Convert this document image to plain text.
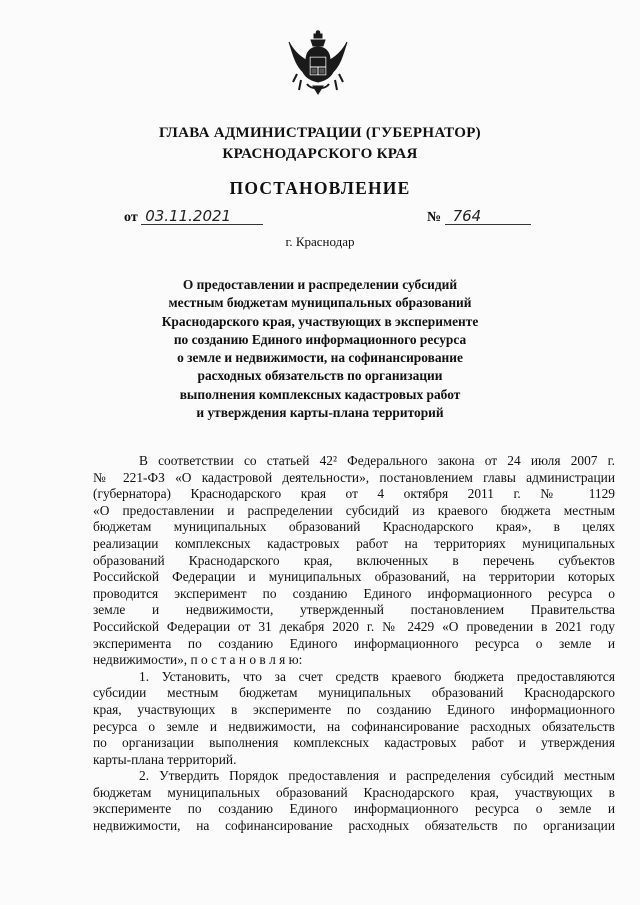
ГЛАВА АДМИНИСТРАЦИИ (ГУБЕРНАТОР)
КРАСНОДАРСКОГО КРАЯ
ПОСТАНОВЛЕНИЕ
от 03.11.2021	№ 764
г. Краснодар
О предоставлении и распределении субсидий
местным бюджетам муниципальных образований
Краснодарского края, участвующих в эксперименте
по созданию Единого информационного ресурса
о земле и недвижимости, на софинансирование
расходных обязательств по организации
выполнения комплексных кадастровых работ
и утверждения карты-плана территорий
В соответствии со статьей 42² Федерального закона от 24 июля 2007 г.
№ 221-ФЗ «О кадастровой деятельности», постановлением главы администрации
(губернатора) Краснодарского края от 4 октября 2011 г. № 1129
«О предоставлении и распределении субсидий из краевого бюджета местным
бюджетам муниципальных образований Краснодарского края», в целях
реализации комплексных кадастровых работ на территориях муниципальных
образований Краснодарского края, включенных в перечень субъектов
Российской Федерации и муниципальных образований, на территории которых
проводится эксперимент по созданию Единого информационного ресурса о
земле и недвижимости, утвержденный постановлением Правительства
Российской Федерации от 31 декабря 2020 г. № 2429 «О проведении в 2021 году
эксперимента по созданию Единого информационного ресурса о земле и
недвижимости», п о с т а н о в л я ю:
1. Установить, что за счет средств краевого бюджета предоставляются
субсидии местным бюджетам муниципальных образований Краснодарского
края, участвующих в эксперименте по созданию Единого информационного
ресурса о земле и недвижимости, на софинансирование расходных обязательств
по организации выполнения комплексных кадастровых работ и утверждения
карты-плана территорий.
2. Утвердить Порядок предоставления и распределения субсидий местным
бюджетам муниципальных образований Краснодарского края, участвующих в
эксперименте по созданию Единого информационного ресурса о земле и
недвижимости, на софинансирование расходных обязательств по организации
